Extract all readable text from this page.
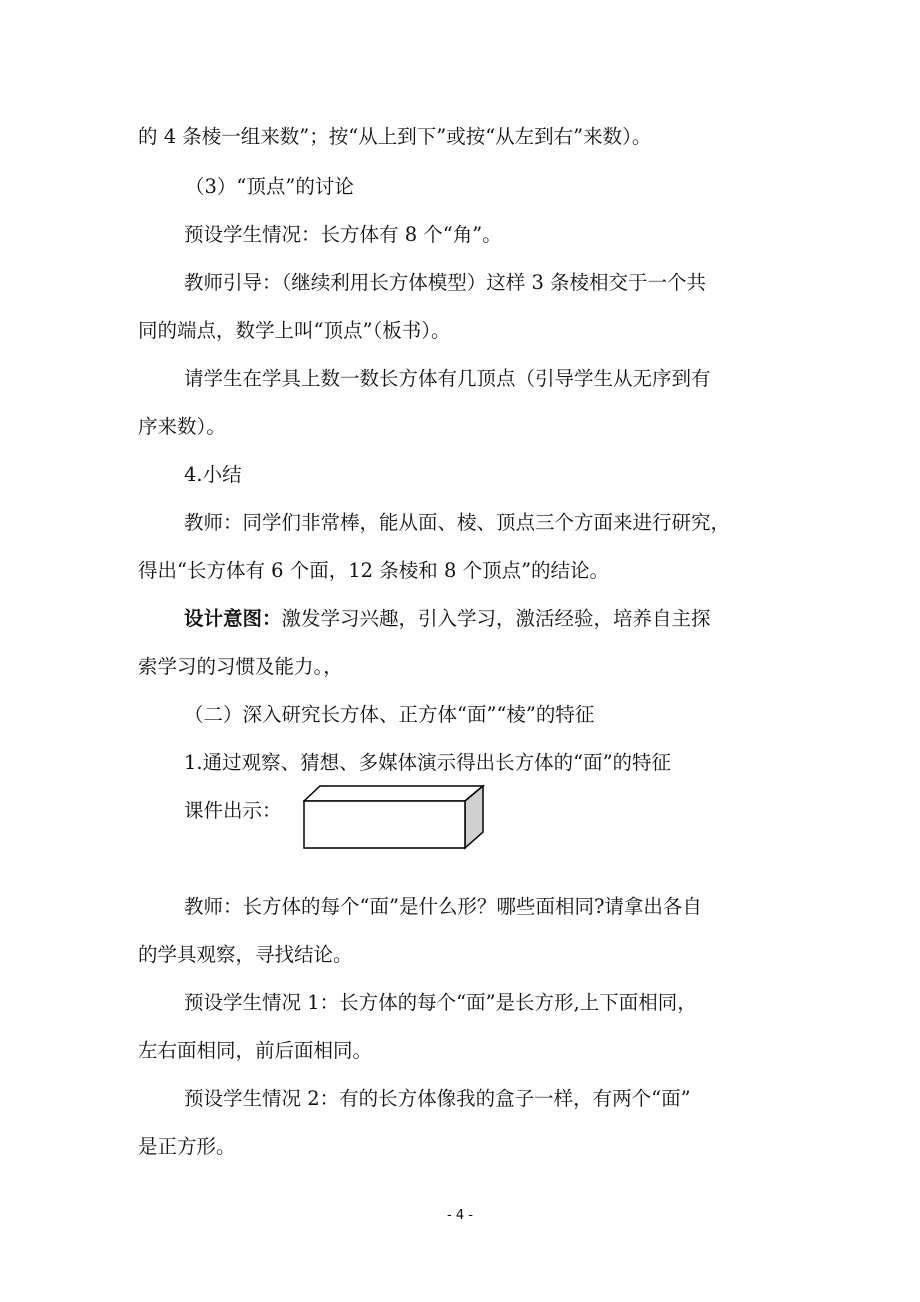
的 4 条棱一组来数”；按“从上到下”或按“从左到右”来数）。
（3）“顶点”的讨论
预设学生情况：长方体有 8 个“角”。
教师引导：（继续利用长方体模型）这样 3 条棱相交于一个共
同的端点，数学上叫“顶点”（板书）。
请学生在学具上数一数长方体有几顶点（引导学生从无序到有
序来数）。
4.小结
教师：同学们非常棒，能从面、棱、顶点三个方面来进行研究，
得出“长方体有 6 个面，12 条棱和 8 个顶点”的结论。
设计意图：激发学习兴趣，引入学习，激活经验，培养自主探
索学习的习惯及能力。，
（二）深入研究长方体、正方体“面”“棱”的特征
1.通过观察、猜想、多媒体演示得出长方体的“面”的特征
课件出示：
教师：长方体的每个“面”是什么形？哪些面相同?请拿出各自
的学具观察，寻找结论。
预设学生情况 1：长方体的每个“面”是长方形,上下面相同，
左右面相同，前后面相同。
预设学生情况 2：有的长方体像我的盒子一样，有两个“面”
是正方形。
- 4 -
